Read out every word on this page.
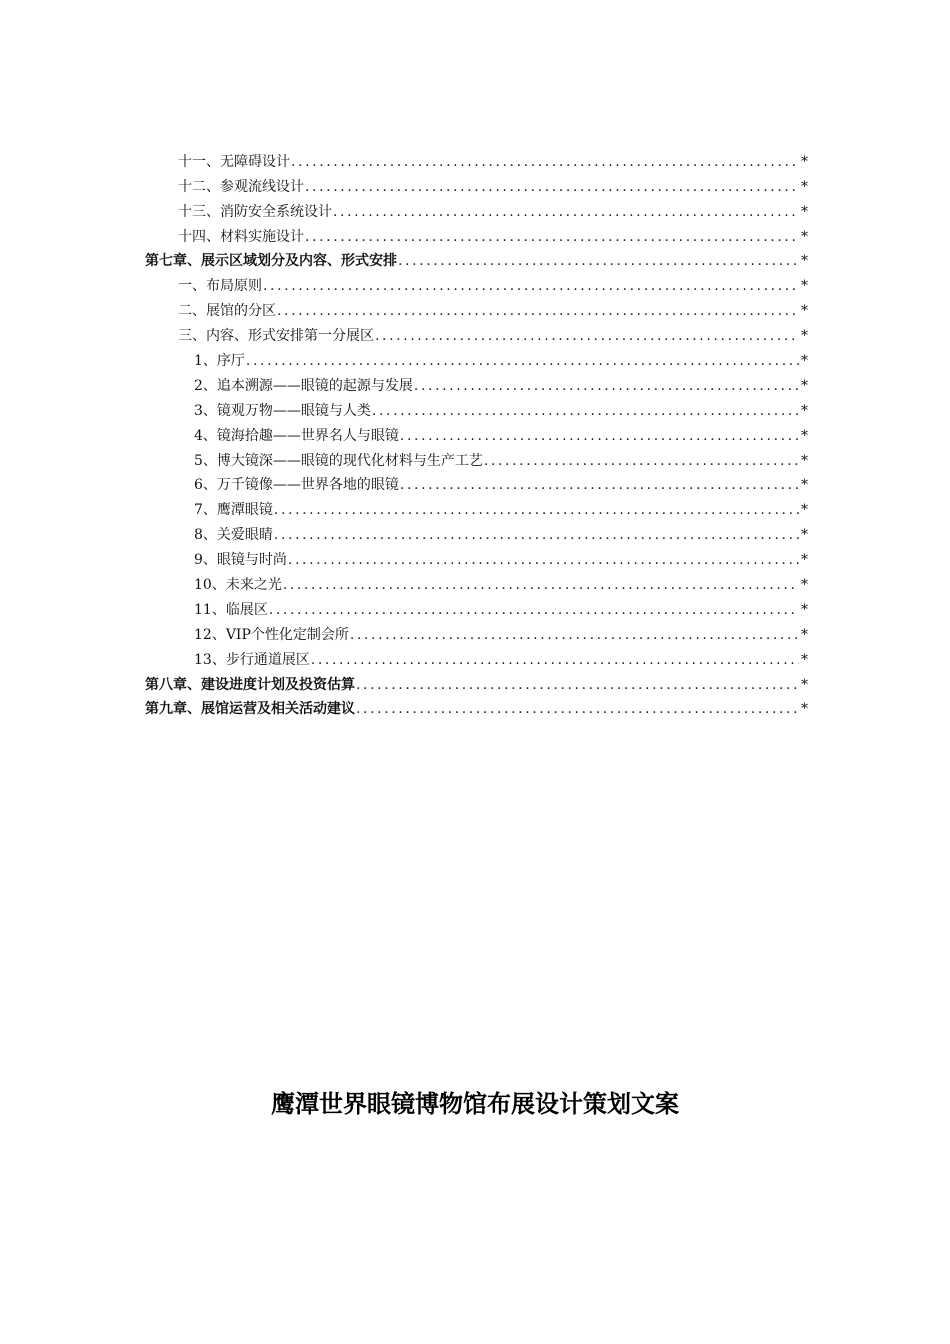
十一、无障碍设计 .....	*
十二、参观流线设计 .....	*
十三、消防安全系统设计 .....	*
十四、材料实施设计 .....	*
第七章、展示区域划分及内容、形式安排 .....	*
一、布局原则 .....	*
二、展馆的分区 .....	*
三、内容、形式安排第一分展区 .....	*
1、序厅 .....	*
2、追本溯源——眼镜的起源与发展 .....	*
3、镜观万物——眼镜与人类 .....	*
4、镜海拾趣——世界名人与眼镜 .....	*
5、博大镜深——眼镜的现代化材料与生产工艺 .....	*
6、万千镜像——世界各地的眼镜 .....	*
7、鹰潭眼镜 .....	*
8、关爱眼睛 .....	*
9、眼镜与时尚 .....	*
10、未来之光 .....	*
11、临展区 .....	*
12、VIP个性化定制会所 .....	*
13、步行通道展区 .....	*
第八章、建设进度计划及投资估算 .....	*
第九章、展馆运营及相关活动建议 .....	*
鹰潭世界眼镜博物馆布展设计策划文案
